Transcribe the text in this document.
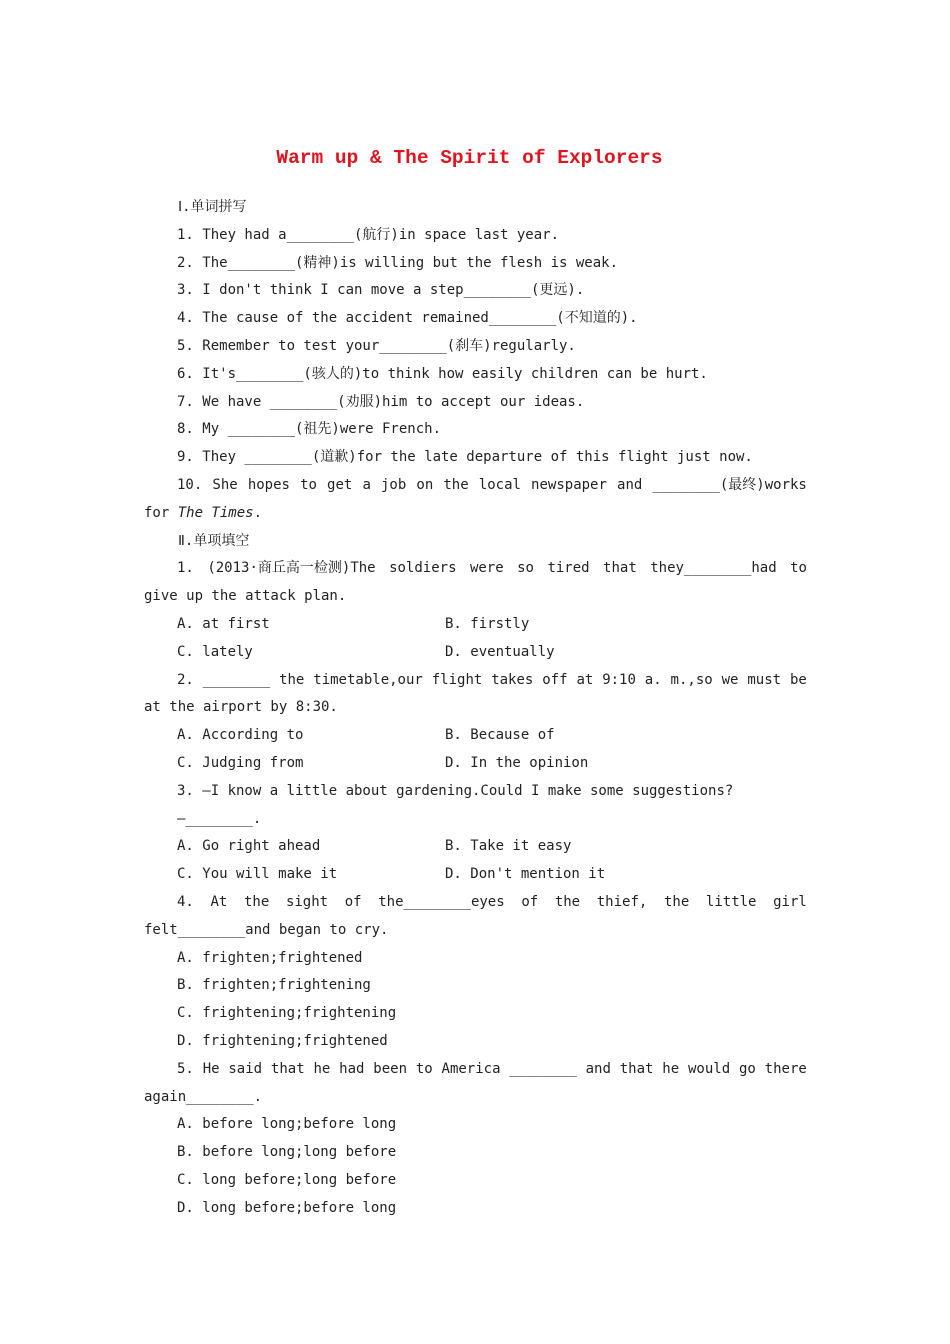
Warm up & The Spirit of Explorers
Ⅰ.单词拼写
1. They had a________(航行)in space last year.
2. The________(精神)is willing but the flesh is weak.
3. I don't think I can move a step________(更远).
4. The cause of the accident remained________(不知道的).
5. Remember to test your________(刹车)regularly.
6. It's________(骇人的)to think how easily children can be hurt.
7. We have ________(劝服)him to accept our ideas.
8. My ________(祖先)were French.
9. They ________(道歉)for the late departure of this flight just now.
10. She hopes to get a job on the local newspaper and ________(最终)works
for The Times.
Ⅱ.单项填空
1. (2013·商丘高一检测)The soldiers were so tired that they________had to
give up the attack plan.
A. at first	B. firstly
C. lately	D. eventually
2. ________ the timetable,our flight takes off at 9:10 a. m.,so we must be
at the airport by 8:30.
A. According to	B. Because of
C. Judging from	D. In the opinion
3. —I know a little about gardening.Could I make some suggestions?
—________.
A. Go right ahead	B. Take it easy
C. You will make it	D. Don't mention it
4. At the sight of the________eyes of the thief, the little girl
felt________and began to cry.
A. frighten;frightened
B. frighten;frightening
C. frightening;frightening
D. frightening;frightened
5. He said that he had been to America ________ and that he would go there
again________.
A. before long;before long
B. before long;long before
C. long before;long before
D. long before;before long
